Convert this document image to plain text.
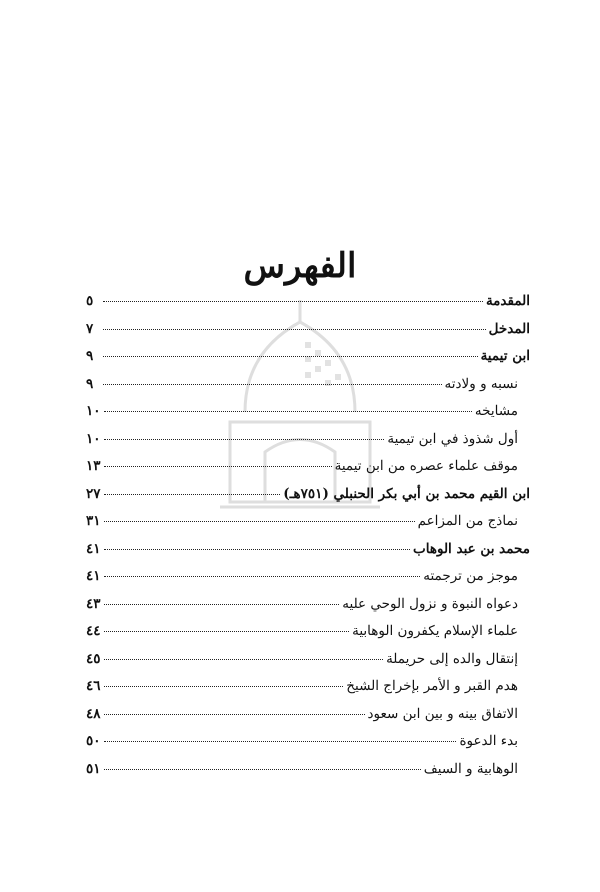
الفهرس
المقدمة
٥
المدخل
٧
ابن تيمية
٩
نسبه و ولادته
٩
مشايخه
١٠
أول شذوذ في ابن تيمية
١٠
موقف علماء عصره من ابن تيمية
١٣
ابن القيم محمد بن أبي بكر الحنبلي (٧٥١هـ)
٢٧
نماذج من المزاعم
٣١
محمد بن عبد الوهاب
٤١
موجز من ترجمته
٤١
دعواه النبوة و نزول الوحي عليه
٤٣
علماء الإسلام يكفرون الوهابية
٤٤
إنتقال والده إلى حريملة
٤٥
هدم القبر و الأمر بإخراج الشيخ
٤٦
الاتفاق بينه و بين ابن سعود
٤٨
بدء الدعوة
٥٠
الوهابية و السيف
٥١
